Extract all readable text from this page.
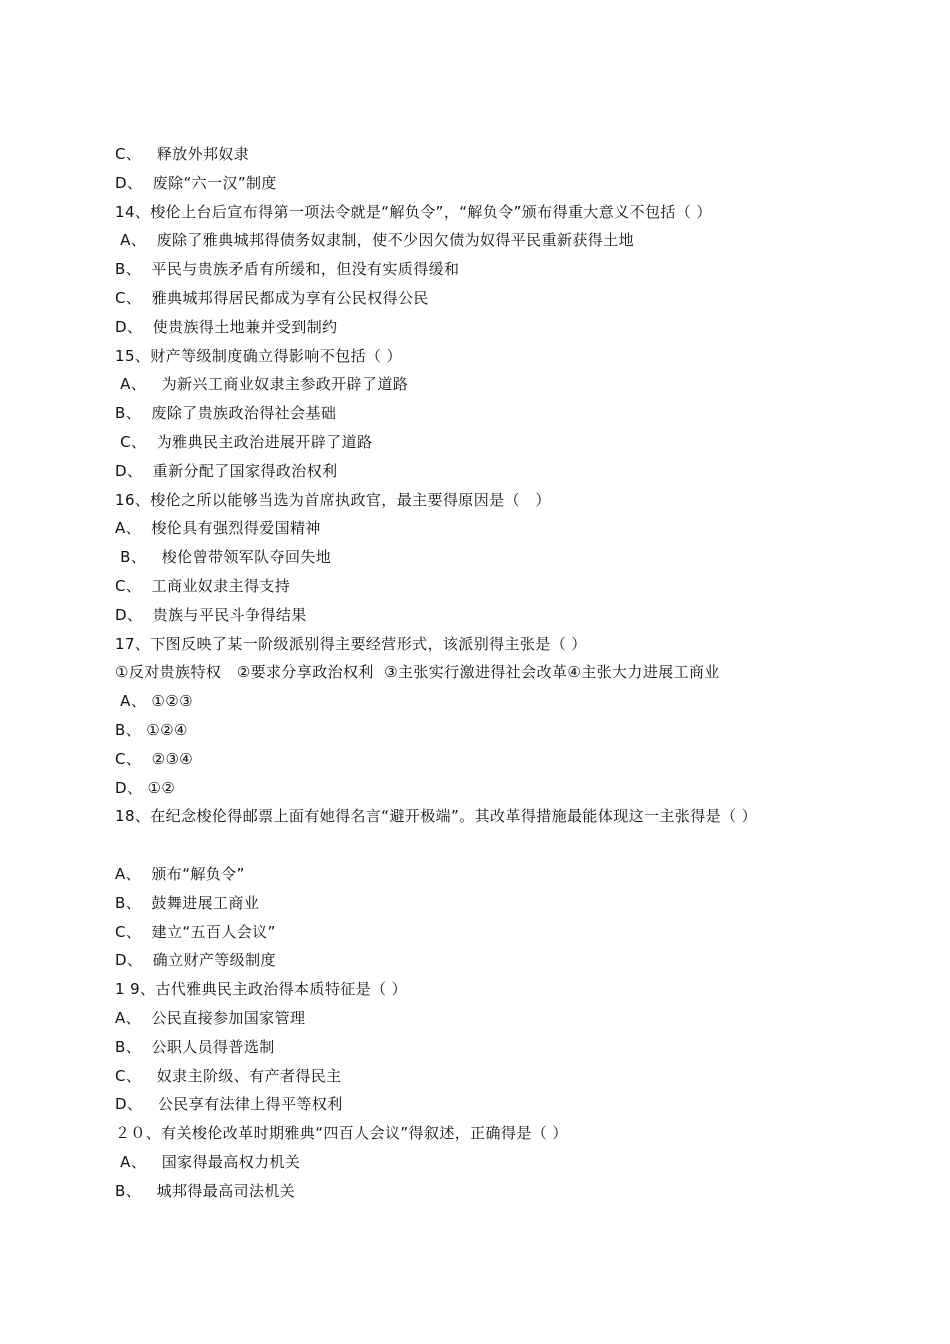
C、   释放外邦奴隶
D、  废除“六一汉”制度
14、梭伦上台后宣布得第一项法令就是“解负令”，“解负令”颁布得重大意义不包括（ ）
A、  废除了雅典城邦得债务奴隶制，使不少因欠债为奴得平民重新获得土地
B、  平民与贵族矛盾有所缓和，但没有实质得缓和
C、  雅典城邦得居民都成为享有公民权得公民
D、  使贵族得土地兼并受到制约
15、财产等级制度确立得影响不包括（ ）
A、   为新兴工商业奴隶主参政开辟了道路
B、  废除了贵族政治得社会基础
C、  为雅典民主政治进展开辟了道路
D、  重新分配了国家得政治权利
16、梭伦之所以能够当选为首席执政官，最主要得原因是（   ）
A、  梭伦具有强烈得爱国精神
B、   梭伦曾带领军队夺回失地
C、  工商业奴隶主得支持
D、  贵族与平民斗争得结果
17、下图反映了某一阶级派别得主要经营形式，该派别得主张是（ ）
①反对贵族特权   ②要求分享政治权利  ③主张实行激进得社会改革④主张大力进展工商业
A、 ①②③
B、 ①②④
C、  ②③④
D、 ①②
18、在纪念梭伦得邮票上面有她得名言“避开极端”。其改革得措施最能体现这一主张得是（ ）
A、  颁布“解负令”
B、  鼓舞进展工商业
C、  建立“五百人会议”
D、  确立财产等级制度
1 9、古代雅典民主政治得本质特征是（ ）
A、  公民直接参加国家管理
B、  公职人员得普选制
C、   奴隶主阶级、有产者得民主
D、   公民享有法律上得平等权利
２０、有关梭伦改革时期雅典“四百人会议”得叙述，正确得是（ ）
A、   国家得最高权力机关
B、   城邦得最高司法机关
